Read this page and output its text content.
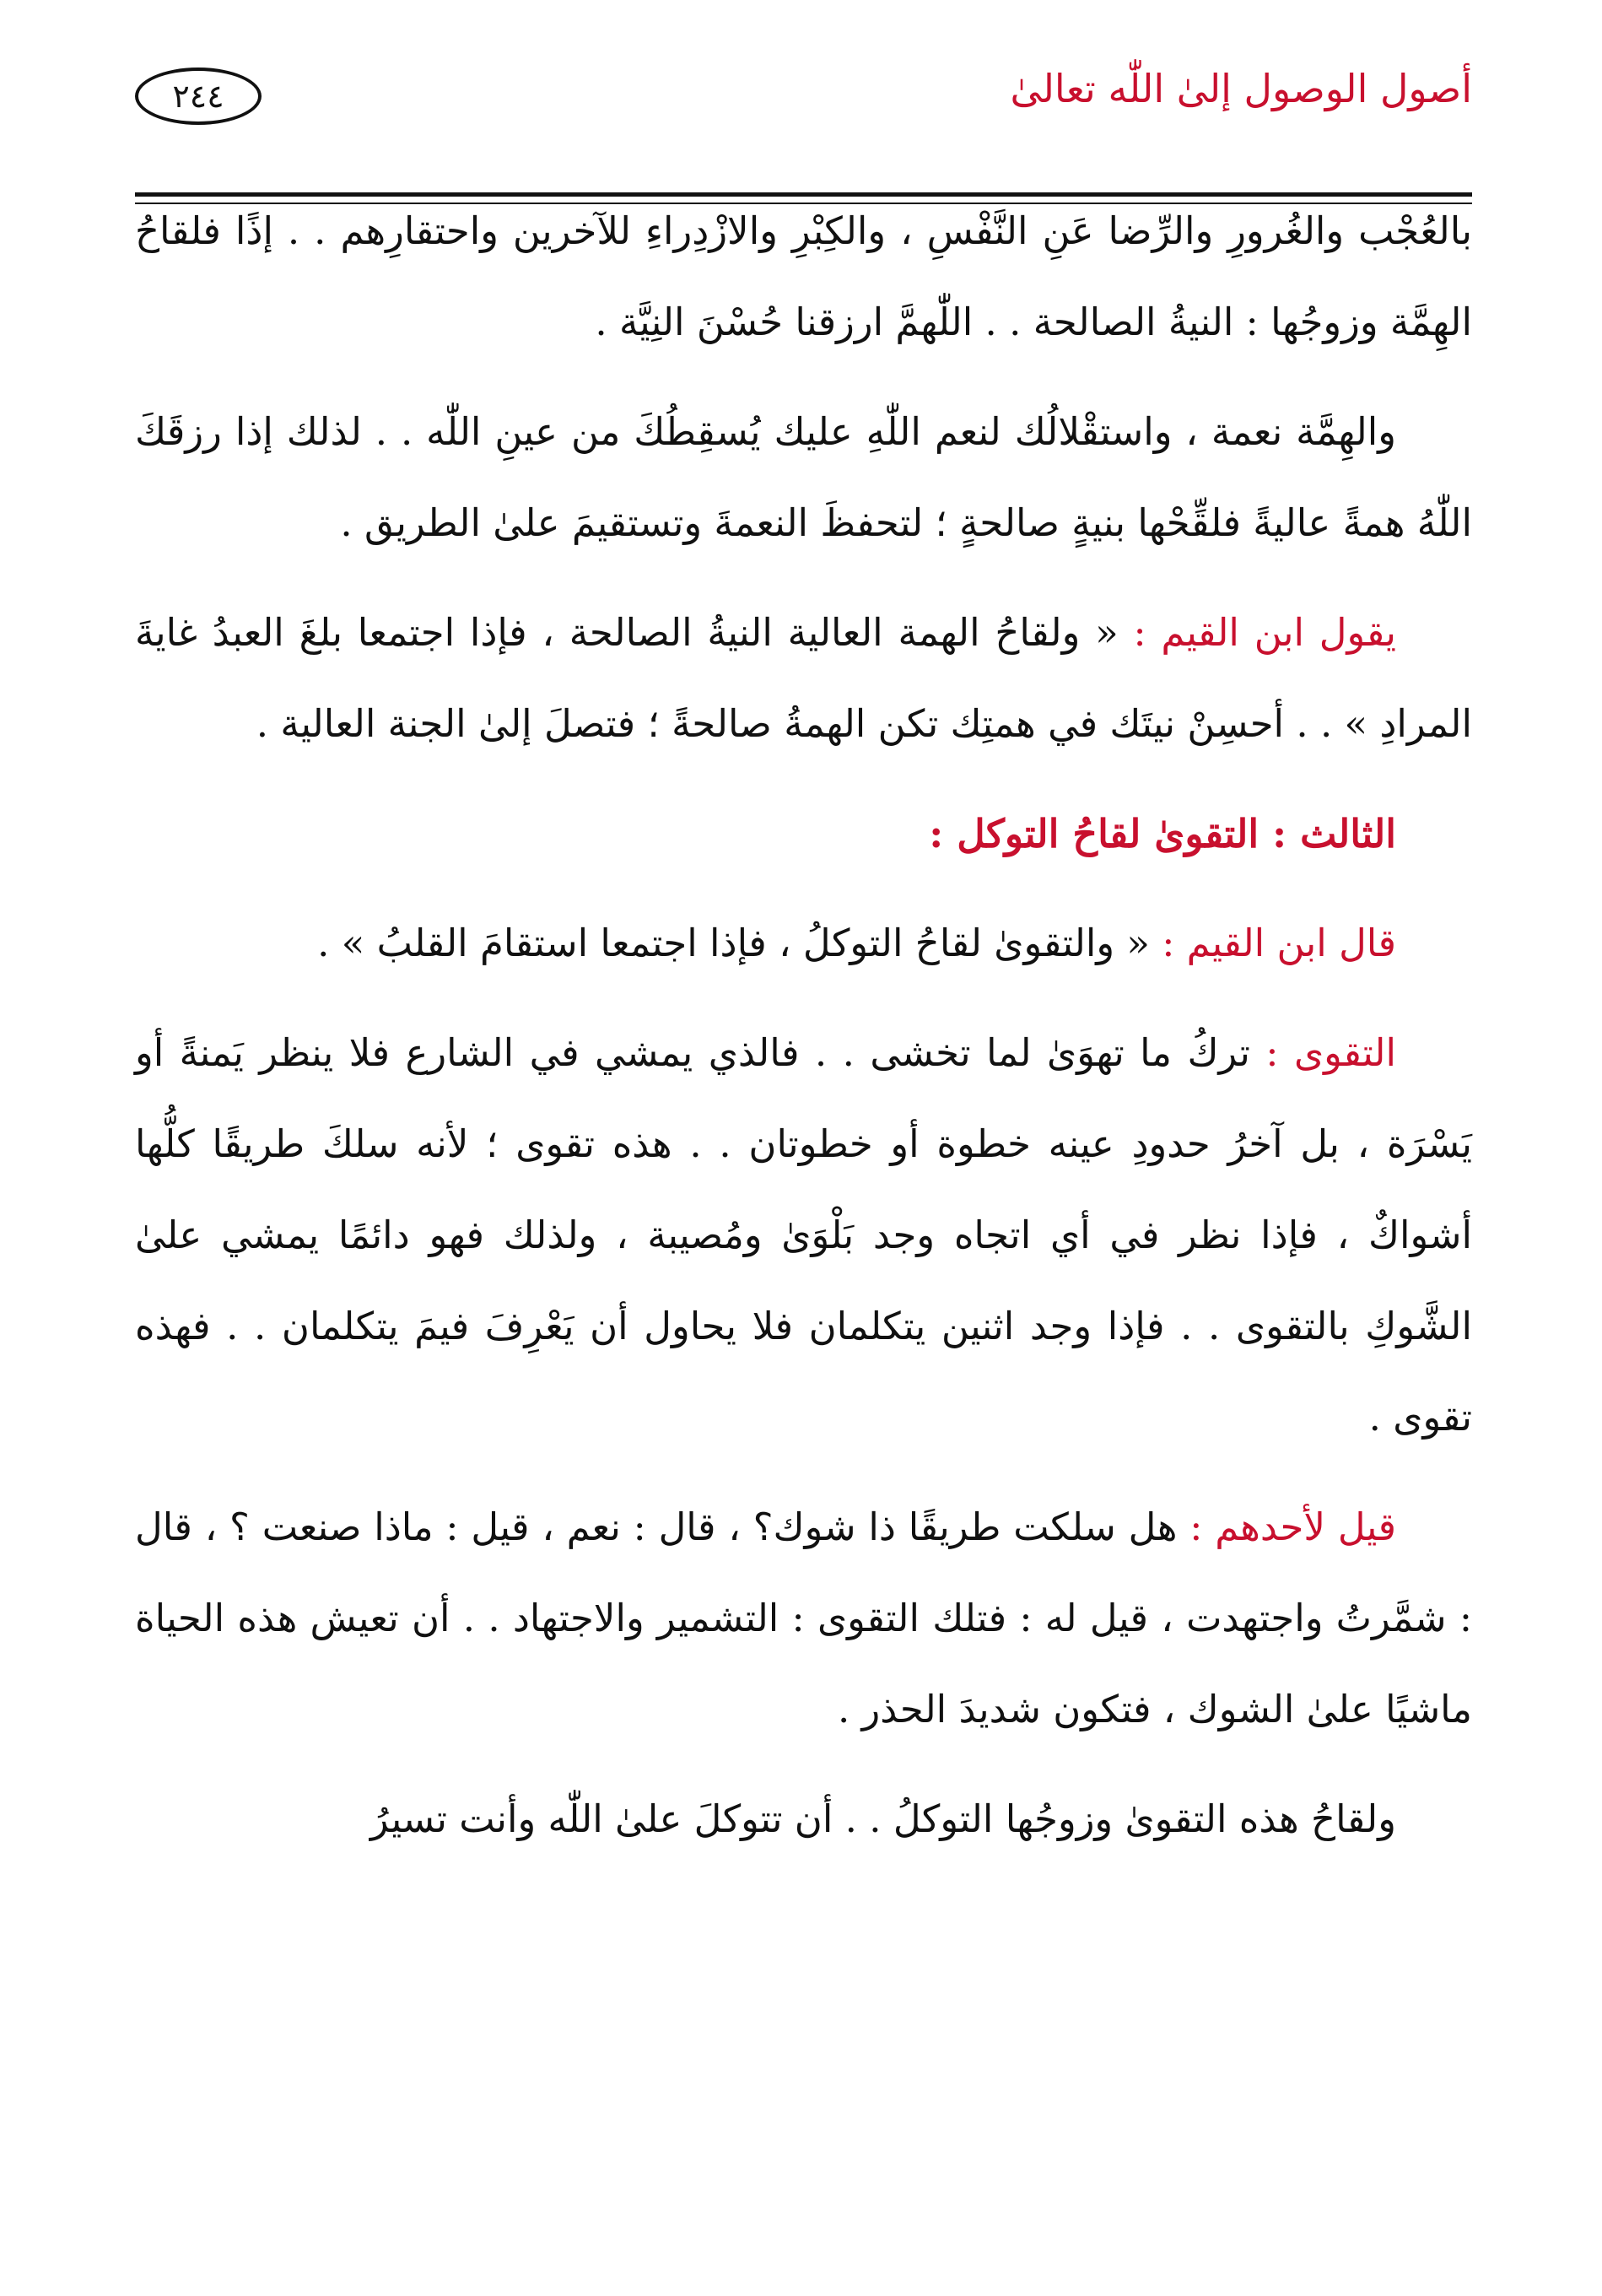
أصول الوصول إلىٰ اللّٰه تعالىٰ
٢٤٤

بالعُجْب والغُرورِ والرِّضا عَنِ النَّفْسِ ، والكِبْرِ والازْدِراءِ للآخرين واحتقارِهم . . إذًا فلقاحُ الهِمَّة وزوجُها : النيةُ الصالحة . . اللّٰهمَّ ارزقنا حُسْنَ النِيَّة .

والهِمَّة نعمة ، واستقْلالُك لنعم اللّٰهِ عليك يُسقِطُكَ من عينِ اللّٰه . . لذلك إذا رزقَكَ اللّٰهُ همةً عاليةً فلقِّحْها بنيةٍ صالحةٍ ؛ لتحفظَ النعمةَ وتستقيمَ علىٰ الطريق .

يقول ابن القيم : « ولقاحُ الهمة العالية النيةُ الصالحة ، فإذا اجتمعا بلغَ العبدُ غايةَ المرادِ » . . أحسِنْ نيتَك في همتِك تكن الهمةُ صالحةً ؛ فتصلَ إلىٰ الجنة العالية .

الثالث : التقوىٰ لقاحُ التوكل :

قال ابن القيم : « والتقوىٰ لقاحُ التوكلُ ، فإذا اجتمعا استقامَ القلبُ » .

التقوى : تركُ ما تهوَىٰ لما تخشى . . فالذي يمشي في الشارع فلا ينظر يَمنةً أو يَسْرَة ، بل آخرُ حدودِ عينه خطوة أو خطوتان . . هذه تقوى ؛ لأنه سلكَ طريقًا كلُّها أشواكٌ ، فإذا نظر في أي اتجاه وجد بَلْوَىٰ ومُصيبة ، ولذلك فهو دائمًا يمشي علىٰ الشَّوكِ بالتقوى . . فإذا وجد اثنين يتكلمان فلا يحاول أن يَعْرِفَ فيمَ يتكلمان . . فهذه تقوى .

قيل لأحدهم : هل سلكت طريقًا ذا شوك؟ ، قال : نعم ، قيل : ماذا صنعت ؟ ، قال : شمَّرتُ واجتهدت ، قيل له : فتلك التقوى : التشمير والاجتهاد . . أن تعيش هذه الحياة ماشيًا علىٰ الشوك ، فتكون شديدَ الحذر .

ولقاحُ هذه التقوىٰ وزوجُها التوكلُ . . أن تتوكلَ علىٰ اللّٰه وأنت تسيرُ
